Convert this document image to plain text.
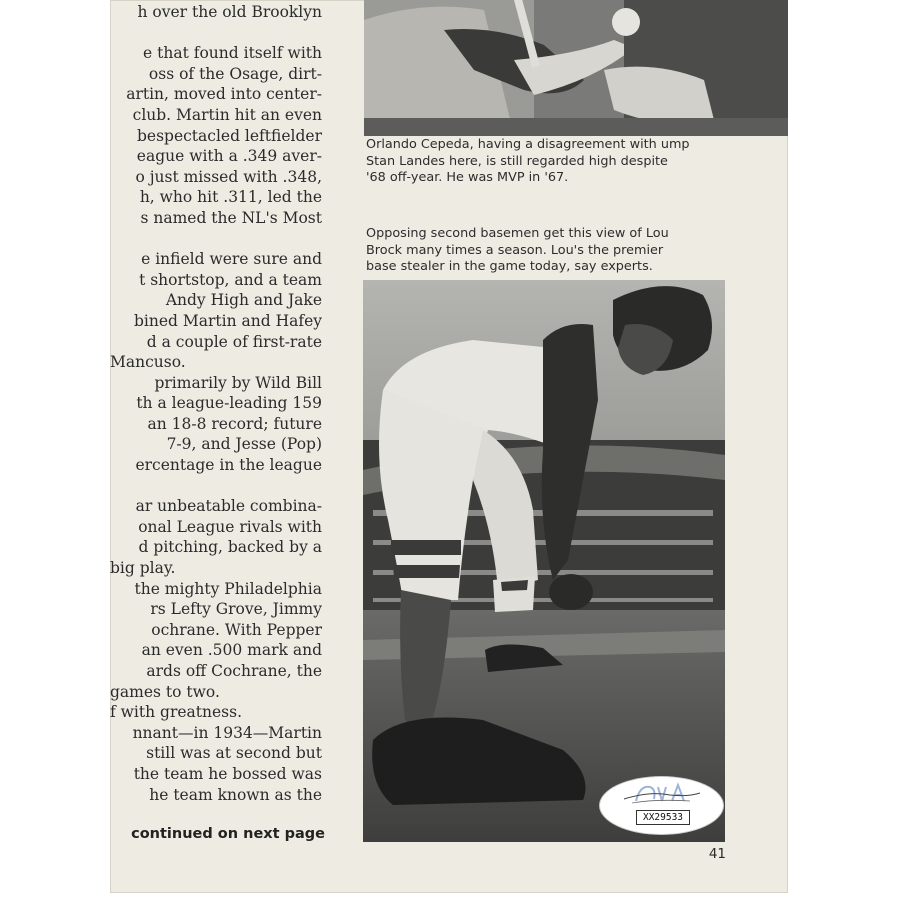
h over the old Brooklyn
e that found itself with
oss of the Osage, dirt-
artin, moved into center-
club. Martin hit an even
bespectacled leftfielder
eague with a .349 aver-
o just missed with .348,
h, who hit .311, led the
s named the NL's Most
e infield were sure and
t shortstop, and a team
Andy High and Jake
bined Martin and Hafey
d a couple of first-rate
Mancuso.
primarily by Wild Bill
th a league-leading 159
an 18-8 record; future
7-9, and Jesse (Pop)
ercentage in the league
ar unbeatable combina-
onal League rivals with
d pitching, backed by a
big play.
the mighty Philadelphia
rs Lefty Grove, Jimmy
ochrane. With Pepper
an even .500 mark and
ards off Cochrane, the
games to two.
f with greatness.
nnant—in 1934—Martin
still was at second but
the team he bossed was
he team known as the
continued on next page
Orlando Cepeda, having a disagreement with ump
Stan Landes here, is still regarded high despite
'68 off-year. He was MVP in '67.
Opposing second basemen get this view of Lou
Brock many times a season. Lou's the premier
base stealer in the game today, say experts.
41
XX29533
